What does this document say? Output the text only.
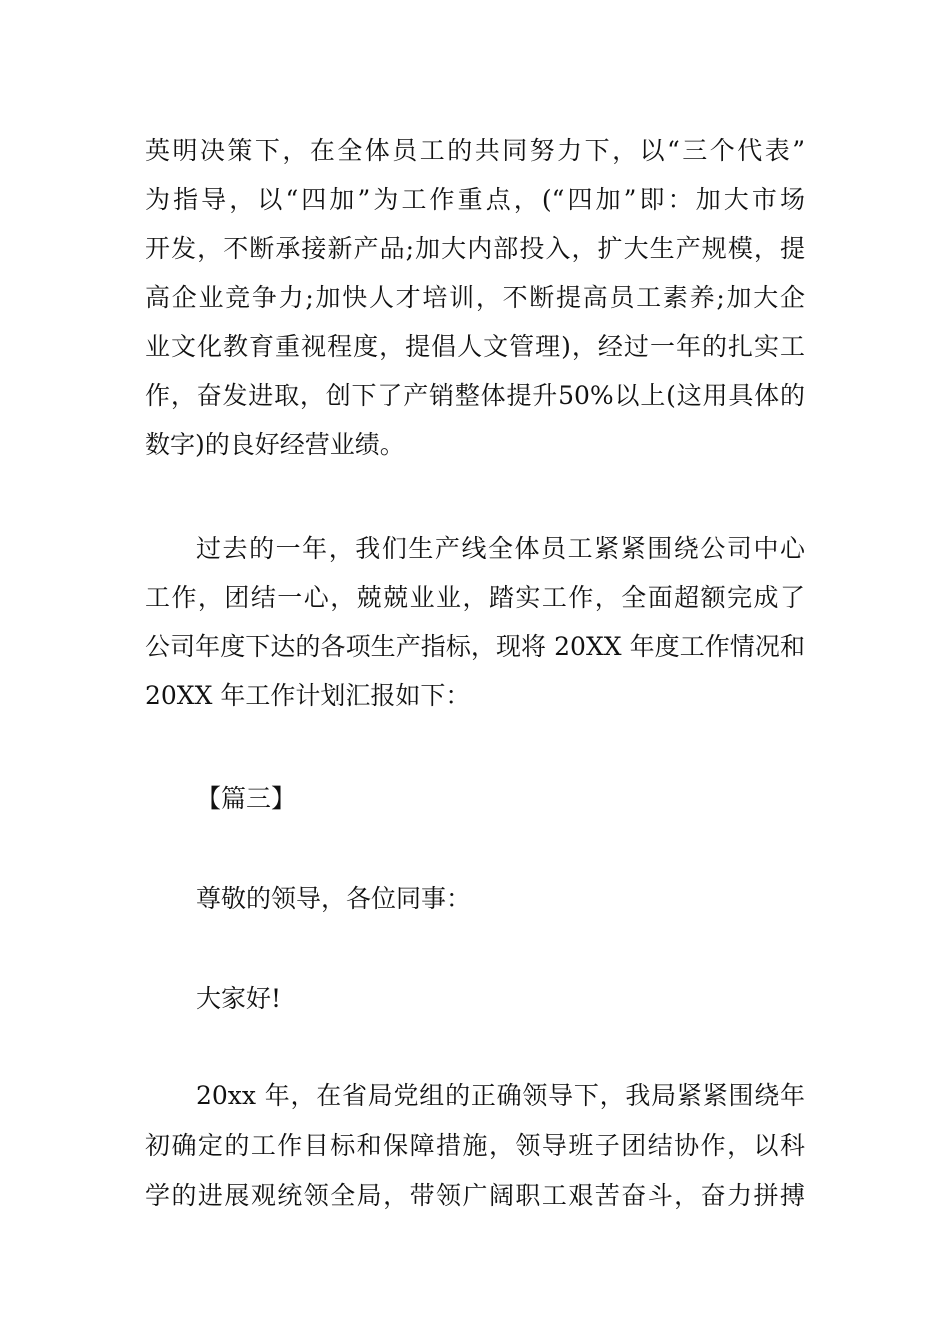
英明决策下，在全体员工的共同努力下，以“三个代表”
为指导，以“四加”为工作重点，(“四加”即：加大市场
开发，不断承接新产品;加大内部投入，扩大生产规模，提
高企业竞争力;加快人才培训，不断提高员工素养;加大企
业文化教育重视程度，提倡人文管理)，经过一年的扎实工
作，奋发进取，创下了产销整体提升50%以上(这用具体的
数字)的良好经营业绩。
过去的一年，我们生产线全体员工紧紧围绕公司中心
工作，团结一心，兢兢业业，踏实工作，全面超额完成了
公司年度下达的各项生产指标，现将 20XX 年度工作情况和
20XX 年工作计划汇报如下：
【篇三】
尊敬的领导，各位同事：
大家好!
20xx 年，在省局党组的正确领导下，我局紧紧围绕年
初确定的工作目标和保障措施，领导班子团结协作，以科
学的进展观统领全局，带领广阔职工艰苦奋斗，奋力拼搏
